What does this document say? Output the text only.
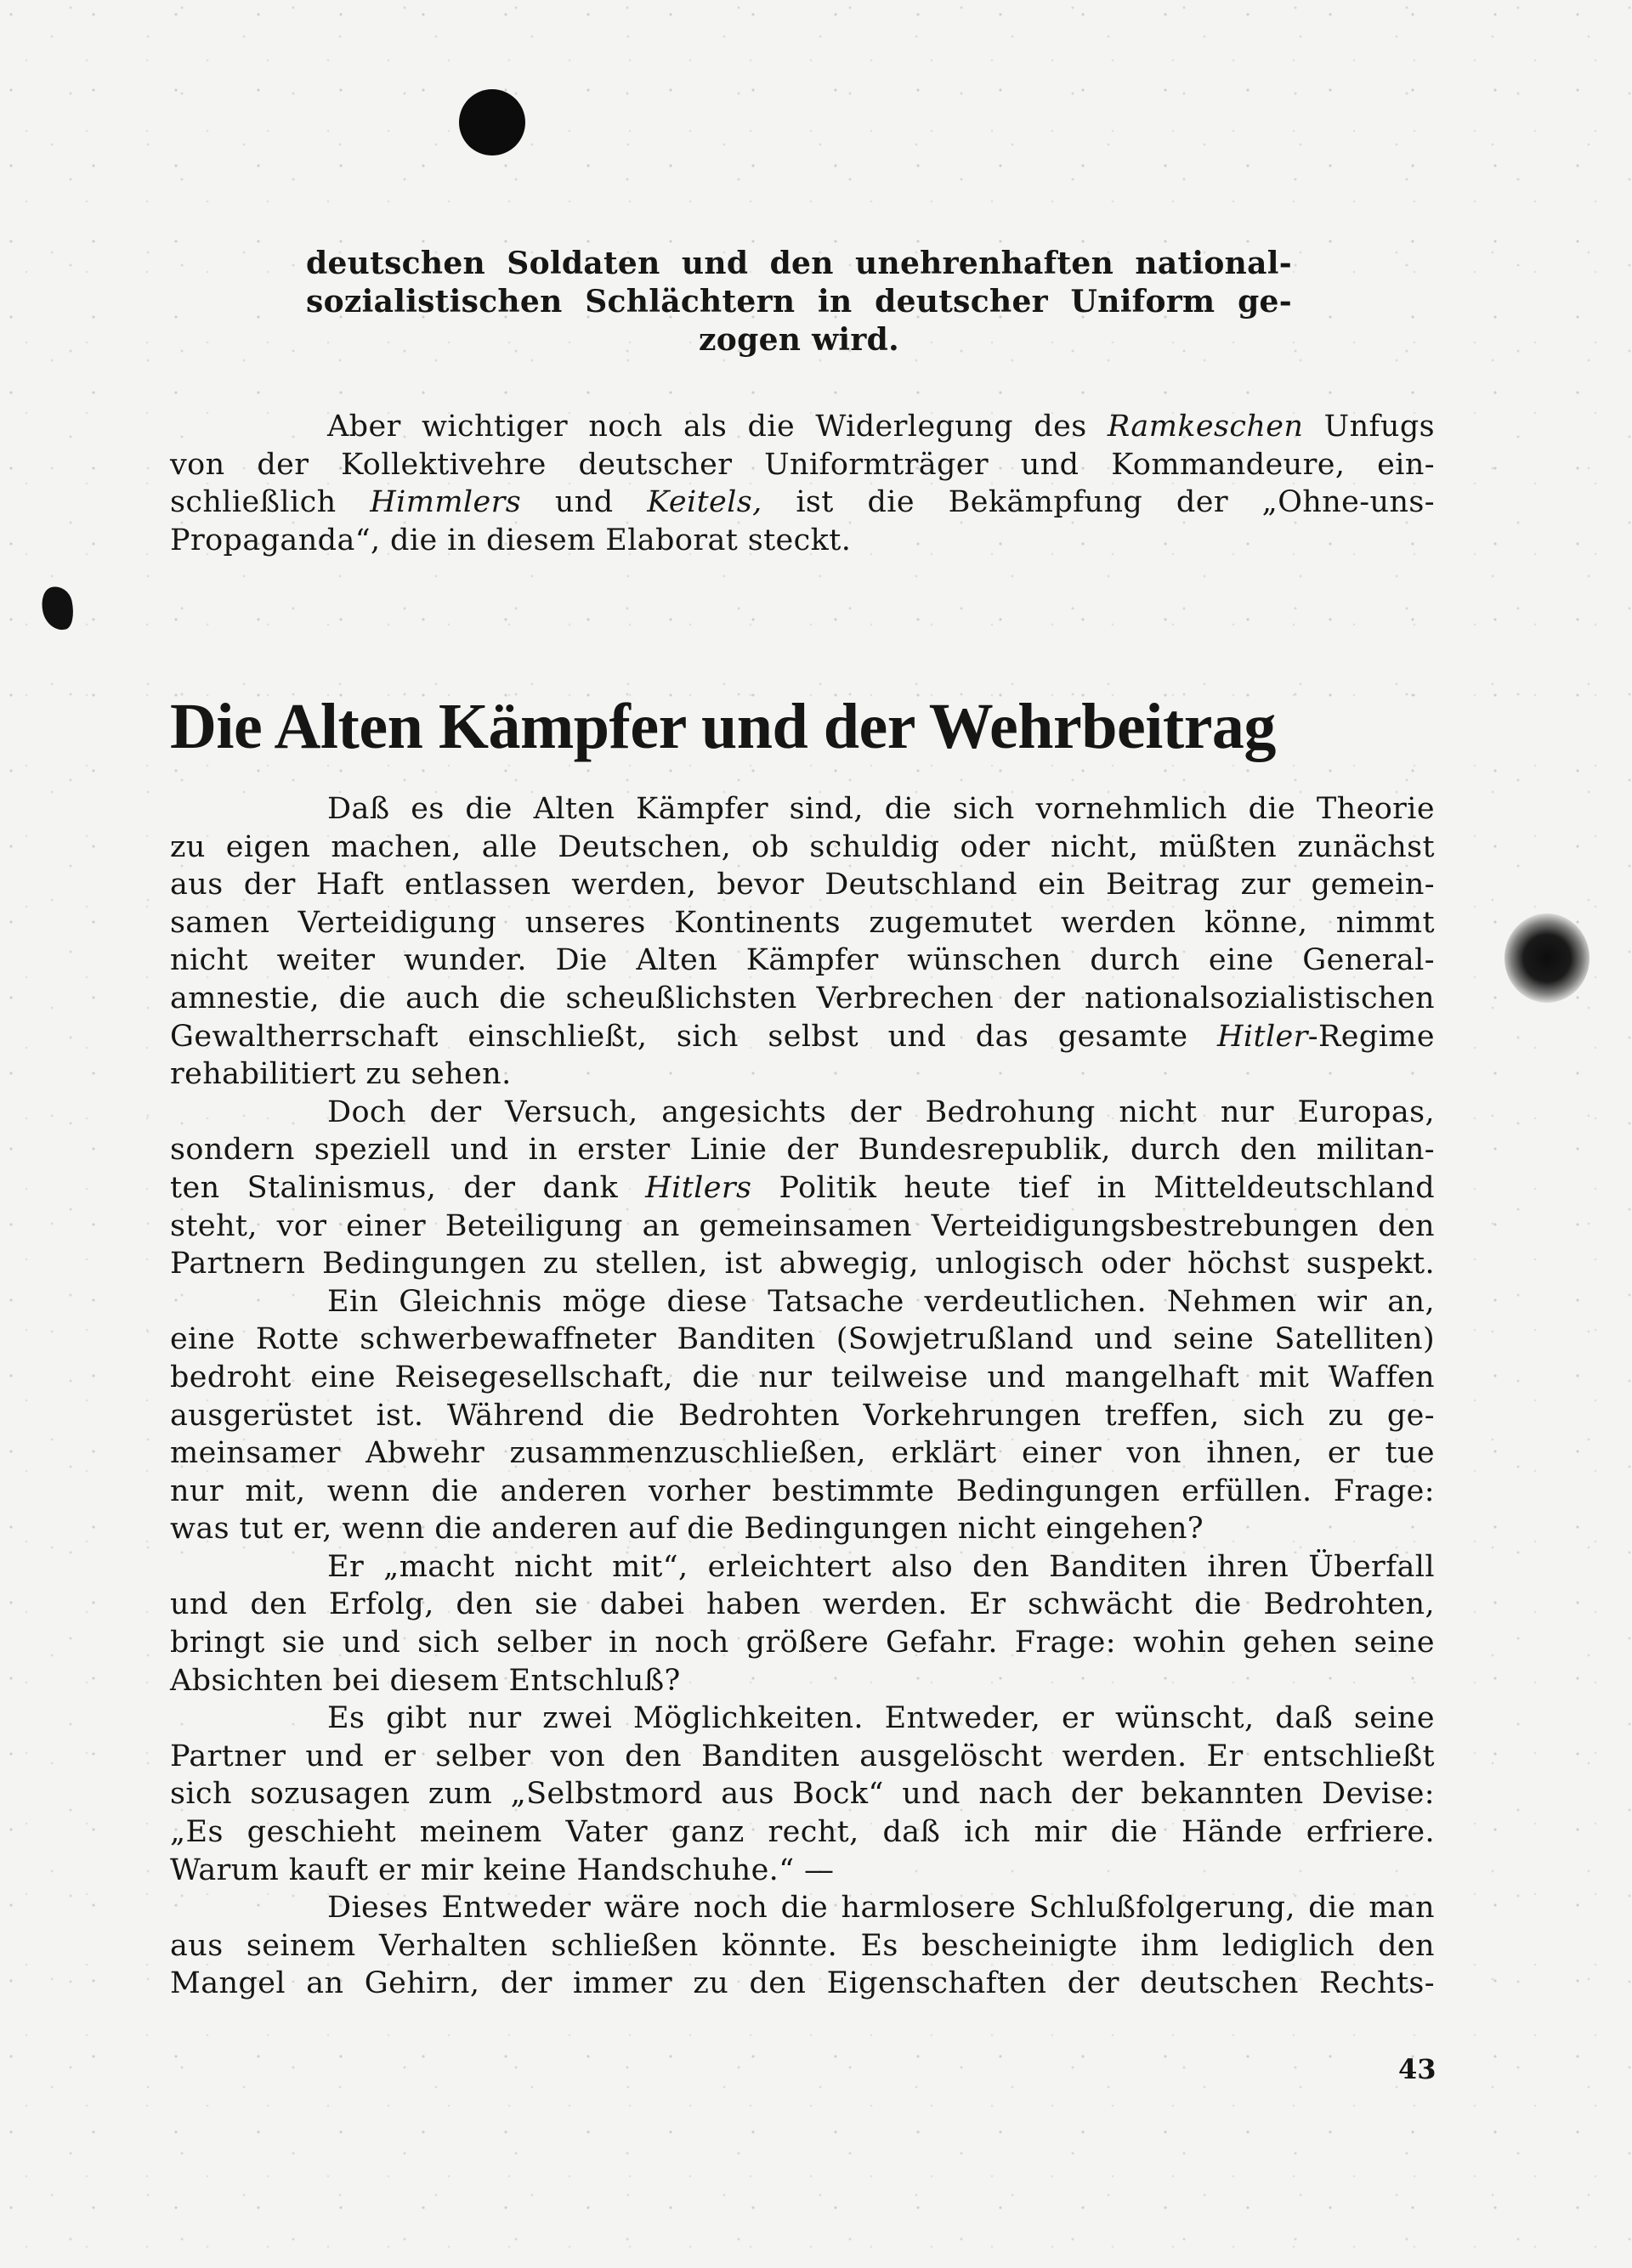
deutschen Soldaten und den unehrenhaften national-
sozialistischen Schlächtern in deutscher Uniform ge-
zogen wird.

Aber wichtiger noch als die Widerlegung des Ramkeschen Unfugs

von der Kollektivehre deutscher Uniformträger und Kommandeure, ein-

schließlich Himmlers und Keitels, ist die Bekämpfung der „Ohne-uns-

Propaganda“, die in diesem Elaborat steckt.

Die Alten Kämpfer und der Wehrbeitrag

Daß es die Alten Kämpfer sind, die sich vornehmlich die Theorie

zu eigen machen, alle Deutschen, ob schuldig oder nicht, müßten zunächst

aus der Haft entlassen werden, bevor Deutschland ein Beitrag zur gemein-

samen Verteidigung unseres Kontinents zugemutet werden könne, nimmt

nicht weiter wunder. Die Alten Kämpfer wünschen durch eine General-

amnestie, die auch die scheußlichsten Verbrechen der nationalsozialistischen

Gewaltherrschaft einschließt, sich selbst und das gesamte Hitler-Regime

rehabilitiert zu sehen.

Doch der Versuch, angesichts der Bedrohung nicht nur Europas,

sondern speziell und in erster Linie der Bundesrepublik, durch den militan-

ten Stalinismus, der dank Hitlers Politik heute tief in Mitteldeutschland

steht, vor einer Beteiligung an gemeinsamen Verteidigungsbestrebungen den

Partnern Bedingungen zu stellen, ist abwegig, unlogisch oder höchst suspekt.

Ein Gleichnis möge diese Tatsache verdeutlichen. Nehmen wir an,

eine Rotte schwerbewaffneter Banditen (Sowjetrußland und seine Satelliten)

bedroht eine Reisegesellschaft, die nur teilweise und mangelhaft mit Waffen

ausgerüstet ist. Während die Bedrohten Vorkehrungen treffen, sich zu ge-

meinsamer Abwehr zusammenzuschließen, erklärt einer von ihnen, er tue

nur mit, wenn die anderen vorher bestimmte Bedingungen erfüllen. Frage:

was tut er, wenn die anderen auf die Bedingungen nicht eingehen?

Er „macht nicht mit“, erleichtert also den Banditen ihren Überfall

und den Erfolg, den sie dabei haben werden. Er schwächt die Bedrohten,

bringt sie und sich selber in noch größere Gefahr. Frage: wohin gehen seine

Absichten bei diesem Entschluß?

Es gibt nur zwei Möglichkeiten. Entweder, er wünscht, daß seine

Partner und er selber von den Banditen ausgelöscht werden. Er entschließt

sich sozusagen zum „Selbstmord aus Bock“ und nach der bekannten Devise:

„Es geschieht meinem Vater ganz recht, daß ich mir die Hände erfriere.

Warum kauft er mir keine Handschuhe.“ —

Dieses Entweder wäre noch die harmlosere Schlußfolgerung, die man

aus seinem Verhalten schließen könnte. Es bescheinigte ihm lediglich den

Mangel an Gehirn, der immer zu den Eigenschaften der deutschen Rechts-

43
